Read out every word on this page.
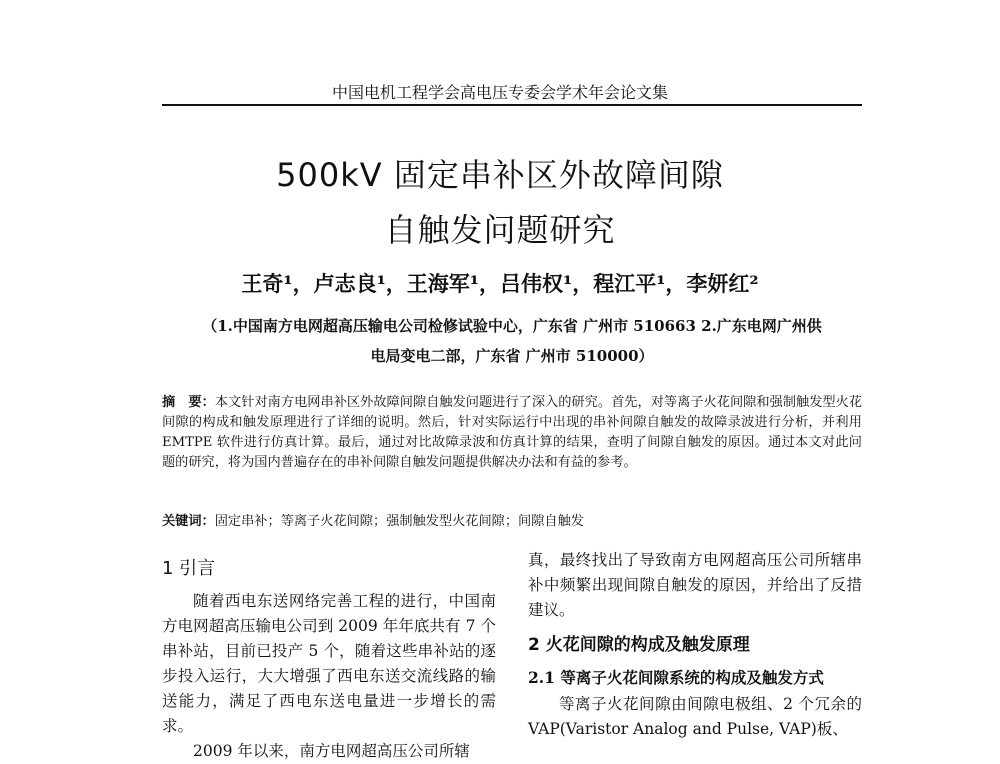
中国电机工程学会高电压专委会学术年会论文集
500kV 固定串补区外故障间隙
自触发问题研究
王奇¹，卢志良¹，王海军¹，吕伟权¹，程江平¹，李妍红²
（1.中国南方电网超高压输电公司检修试验中心，广东省 广州市 510663 2.广东电网广州供
电局变电二部，广东省 广州市 510000）
摘　要：本文针对南方电网串补区外故障间隙自触发问题进行了深入的研究。首先，对等离子火花间隙和强制触发型火花间隙的构成和触发原理进行了详细的说明。然后，针对实际运行中出现的串补间隙自触发的故障录波进行分析，并利用 EMTPE 软件进行仿真计算。最后，通过对比故障录波和仿真计算的结果，查明了间隙自触发的原因。通过本文对此问题的研究，将为国内普遍存在的串补间隙自触发问题提供解决办法和有益的参考。
关键词：固定串补；等离子火花间隙；强制触发型火花间隙；间隙自触发
1 引言

随着西电东送网络完善工程的进行，中国南方电网超高压输电公司到 2009 年年底共有 7 个串补站，目前已投产 5 个，随着这些串补站的逐步投入运行，大大增强了西电东送交流线路的输送能力，满足了西电东送电量进一步增长的需求。

2009 年以来，南方电网超高压公司所辖

真，最终找出了导致南方电网超高压公司所辖串补中频繁出现间隙自触发的原因，并给出了反措建议。

2 火花间隙的构成及触发原理
2.1 等离子火花间隙系统的构成及触发方式

等离子火花间隙由间隙电极组、2 个冗余的 VAP(Varistor Analog and Pulse, VAP)板、
